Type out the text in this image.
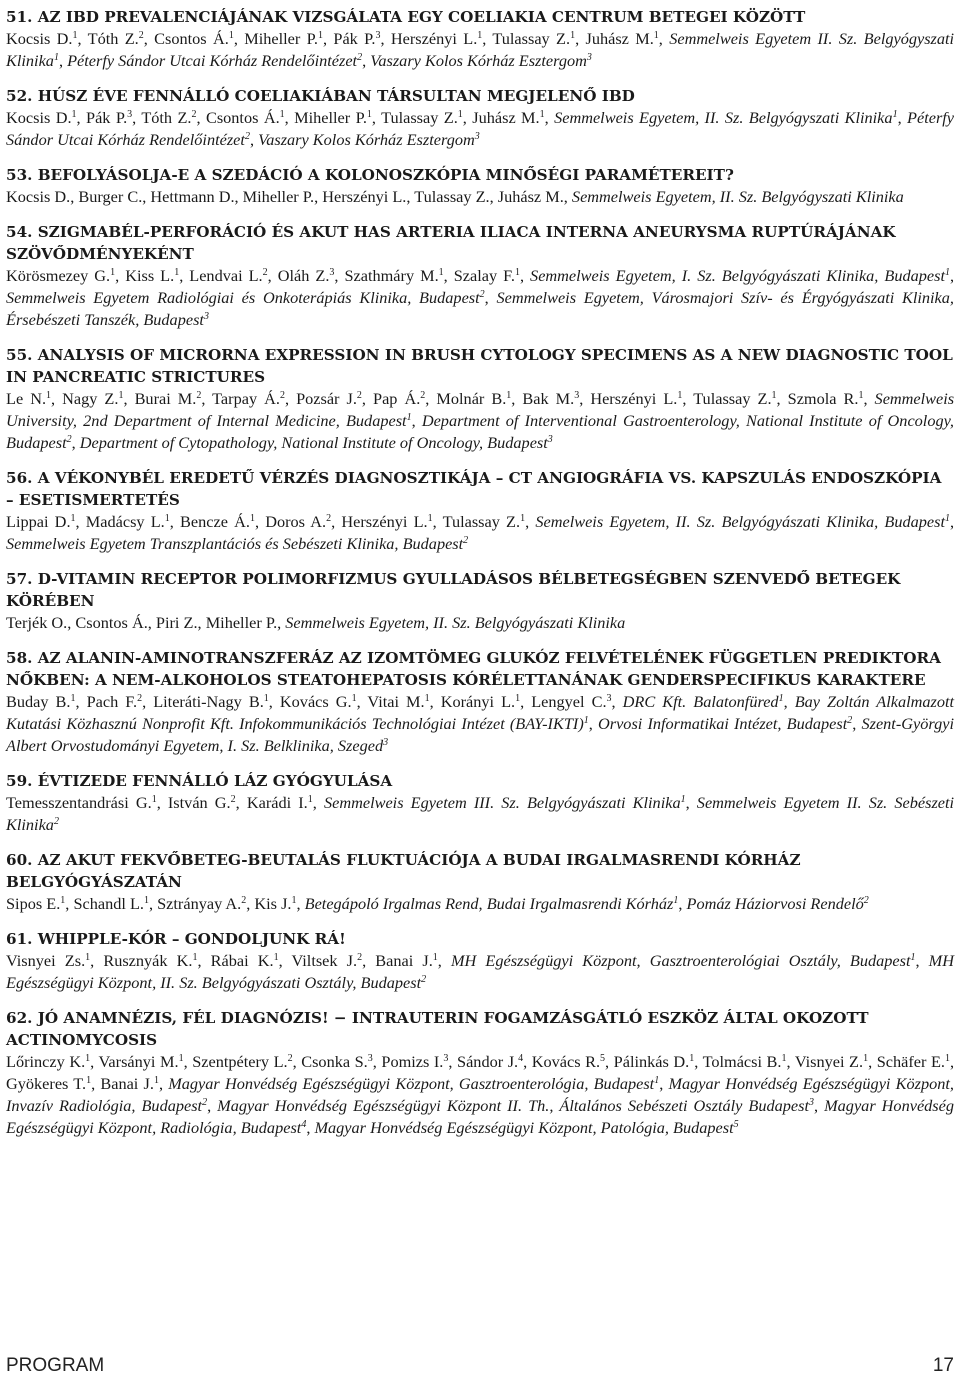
51. AZ IBD PREVALENCIÁJÁNAK VIZSGÁLATA EGY COELIAKIA CENTRUM BETEGEI KÖZÖTT

Kocsis D.$^1$, Tóth Z.$^2$, Csontos Á.$^1$, Miheller P.$^1$, Pák P.$^3$, Herszényi L.$^1$, Tulassay Z.$^1$, Juhász M.$^1$, Semmelweis Egyetem II. Sz. Belgyógyszati Klinika$^1$, Péterfy Sándor Utcai Kórház Rendelőintézet$^2$, Vaszary Kolos Kórház Esztergom$^3$

52. HÚSZ ÉVE FENNÁLLÓ COELIAKIÁBAN TÁRSULTAN MEGJELENŐ IBD

Kocsis D.$^1$, Pák P.$^3$, Tóth Z.$^2$, Csontos Á.$^1$, Miheller P.$^1$, Tulassay Z.$^1$, Juhász M.$^1$, Semmelweis Egyetem, II. Sz. Belgyógyszati Klinika$^1$, Péterfy Sándor Utcai Kórház Rendelőintézet$^2$, Vaszary Kolos Kórház Esztergom$^3$

53. BEFOLYÁSOLJA-E A SZEDÁCIÓ A KOLONOSZKÓPIA MINŐSÉGI PARAMÉTEREIT?

Kocsis D., Burger C., Hettmann D., Miheller P., Herszényi L., Tulassay Z., Juhász M., Semmelweis Egyetem, II. Sz. Belgyógyszati Klinika

54. SZIGMABÉL-PERFORÁCIÓ ÉS AKUT HAS ARTERIA ILIACA INTERNA ANEURYSMA RUPTÚRÁJÁNAK SZÖVŐDMÉNYEKÉNT

Körösmezey G.$^1$, Kiss L.$^1$, Lendvai L.$^2$, Oláh Z.$^3$, Szathmáry M.$^1$, Szalay F.$^1$, Semmelweis Egyetem, I. Sz. Belgyógyászati Klinika, Budapest$^1$, Semmelweis Egyetem Radiológiai és Onkoterápiás Klinika, Budapest$^2$, Semmelweis Egyetem, Városmajori Szív- és Érgyógyászati Klinika, Érsebészeti Tanszék, Budapest$^3$

55. ANALYSIS OF MICRORNA EXPRESSION IN BRUSH CYTOLOGY SPECIMENS AS A NEW DIAGNOSTIC TOOL IN PANCREATIC STRICTURES

Le N.$^1$, Nagy Z.$^1$, Burai M.$^2$, Tarpay Á.$^2$, Pozsár J.$^2$, Pap Á.$^2$, Molnár B.$^1$, Bak M.$^3$, Herszényi L.$^1$, Tulassay Z.$^1$, Szmola R.$^1$, Semmelweis University, 2nd Department of Internal Medicine, Budapest$^1$, Department of Interventional Gastroenterology, National Institute of Oncology, Budapest$^2$, Department of Cytopathology, National Institute of Oncology, Budapest$^3$

56. A VÉKONYBÉL EREDETŰ VÉRZÉS DIAGNOSZTIKÁJA – CT ANGIOGRÁFIA VS. KAPSZULÁS ENDOSZKÓPIA – ESETISMERTETÉS

Lippai D.$^1$, Madácsy L.$^1$, Bencze Á.$^1$, Doros A.$^2$, Herszényi L.$^1$, Tulassay Z.$^1$, Semelweis Egyetem, II. Sz. Belgyógyászati Klinika, Budapest$^1$, Semmelweis Egyetem Transzplantációs és Sebészeti Klinika, Budapest$^2$

57. D-VITAMIN RECEPTOR POLIMORFIZMUS GYULLADÁSOS BÉLBETEGSÉGBEN SZENVEDŐ BETEGEK KÖRÉBEN

Terjék O., Csontos Á., Piri Z., Miheller P., Semmelweis Egyetem, II. Sz. Belgyógyászati Klinika

58. AZ ALANIN-AMINOTRANSZFERÁZ AZ IZOMTÖMEG GLUKÓZ FELVÉTELÉNEK FÜGGETLEN PREDIKTORA NŐKBEN: A NEM-ALKOHOLOS STEATOHEPATOSIS KÓRÉLETTANÁNAK GENDERSPECIFIKUS KARAKTERE

Buday B.$^1$, Pach F.$^2$, Literáti-Nagy B.$^1$, Kovács G.$^1$, Vitai M.$^1$, Korányi L.$^1$, Lengyel C.$^3$, DRC Kft. Balatonfüred$^1$, Bay Zoltán Alkalmazott Kutatási Közhasznú Nonprofit Kft. Infokommunikációs Technológiai Intézet (BAY-IKTI)$^1$, Orvosi Informatikai Intézet, Budapest$^2$, Szent-Györgyi Albert Orvostudományi Egyetem, I. Sz. Belklinika, Szeged$^3$

59. ÉVTIZEDE FENNÁLLÓ LÁZ GYÓGYULÁSA

Temesszentandrási G.$^1$, István G.$^2$, Karádi I.$^1$, Semmelweis Egyetem III. Sz. Belgyógyászati Klinika$^1$, Semmelweis Egyetem II. Sz. Sebészeti Klinika$^2$

60. AZ AKUT FEKVŐBETEG-BEUTALÁS FLUKTUÁCIÓJA A BUDAI IRGALMASRENDI KÓRHÁZ BELGYÓGYÁSZATÁN

Sipos E.$^1$, Schandl L.$^1$, Sztrányay A.$^2$, Kis J.$^1$, Betegápoló Irgalmas Rend, Budai Irgalmasrendi Kórház$^1$, Pomáz Háziorvosi Rendelő$^2$

61. WHIPPLE-KÓR – GONDOLJUNK RÁ!

Visnyei Zs.$^1$, Rusznyák K.$^1$, Rábai K.$^1$, Viltsek J.$^2$, Banai J.$^1$, MH Egészségügyi Központ, Gasztroenterológiai Osztály, Budapest$^1$, MH Egészségügyi Központ, II. Sz. Belgyógyászati Osztály, Budapest$^2$

62. JÓ ANAMNÉZIS, FÉL DIAGNÓZIS! − INTRAUTERIN FOGAMZÁSGÁTLÓ ESZKÖZ ÁLTAL OKOZOTT ACTINOMYCOSIS

Lőrinczy K.$^1$, Varsányi M.$^1$, Szentpétery L.$^2$, Csonka S.$^3$, Pomizs I.$^3$, Sándor J.$^4$, Kovács R.$^5$, Pálinkás D.$^1$, Tolmácsi B.$^1$, Visnyei Z.$^1$, Schäfer E.$^1$, Gyökeres T.$^1$, Banai J.$^1$, Magyar Honvédség Egészségügyi Központ, Gasztroenterológia, Budapest$^1$, Magyar Honvédség Egészségügyi Központ, Invazív Radiológia, Budapest$^2$, Magyar Honvédség Egészségügyi Központ II. Th., Általános Sebészeti Osztály Budapest$^3$, Magyar Honvédség Egészségügyi Központ, Radiológia, Budapest$^4$, Magyar Honvédség Egészségügyi Központ, Patológia, Budapest$^5$

PROGRAM	17
